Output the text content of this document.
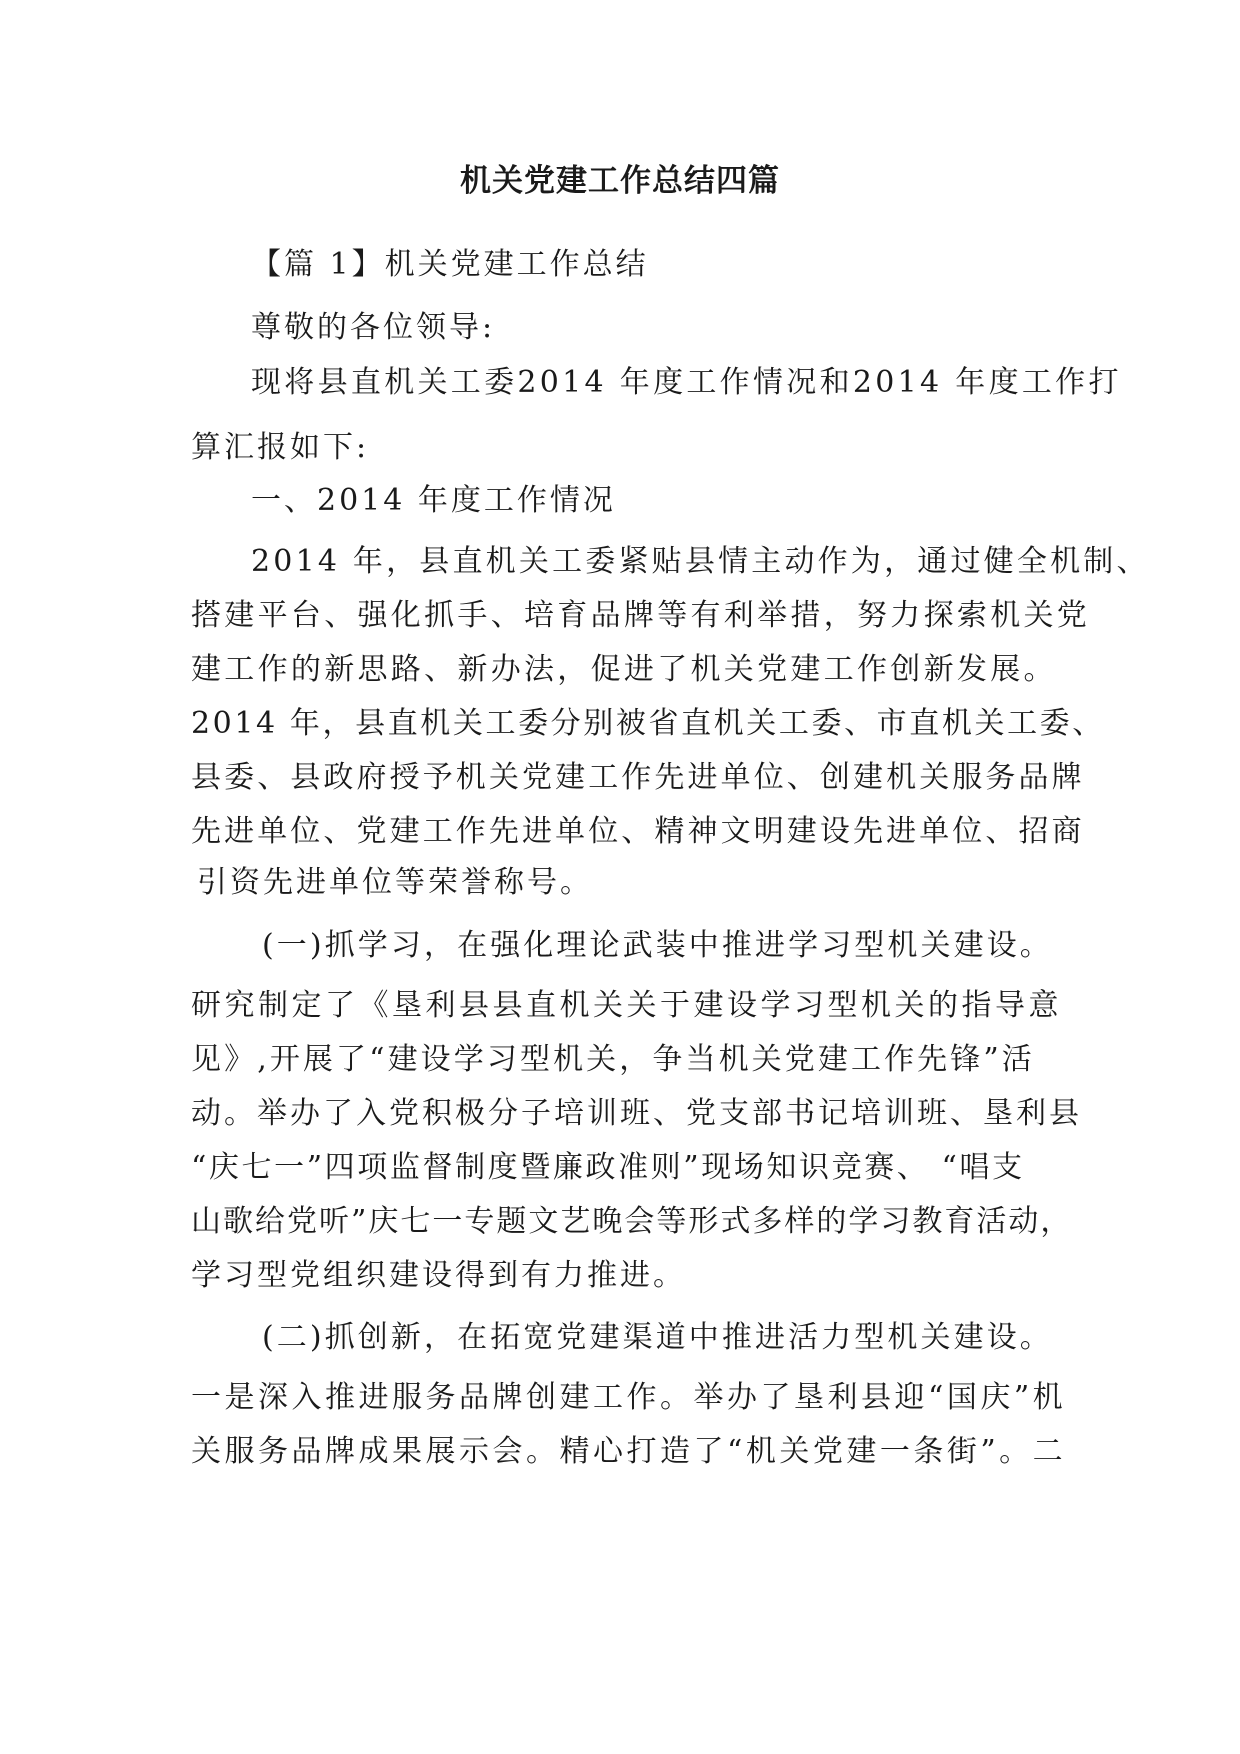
机关党建工作总结四篇

【篇 1】机关党建工作总结

尊敬的各位领导:

现将县直机关工委2014 年度工作情况和2014 年度工作打

算汇报如下:

一、2014 年度工作情况

2014 年，县直机关工委紧贴县情主动作为，通过健全机制、

搭建平台、强化抓手、培育品牌等有利举措，努力探索机关党

建工作的新思路、新办法，促进了机关党建工作创新发展。

2014 年，县直机关工委分别被省直机关工委、市直机关工委、

县委、县政府授予机关党建工作先进单位、创建机关服务品牌

先进单位、党建工作先进单位、精神文明建设先进单位、招商

引资先进单位等荣誉称号。

(一)抓学习，在强化理论武装中推进学习型机关建设。

研究制定了《垦利县县直机关关于建设学习型机关的指导意

见》,开展了“建设学习型机关，争当机关党建工作先锋”活

动。举办了入党积极分子培训班、党支部书记培训班、垦利县

“庆七一”四项监督制度暨廉政准则”现场知识竞赛、 “唱支

山歌给党听”庆七一专题文艺晚会等形式多样的学习教育活动，

学习型党组织建设得到有力推进。

(二)抓创新，在拓宽党建渠道中推进活力型机关建设。

一是深入推进服务品牌创建工作。举办了垦利县迎“国庆”机

关服务品牌成果展示会。精心打造了“机关党建一条街”。二
